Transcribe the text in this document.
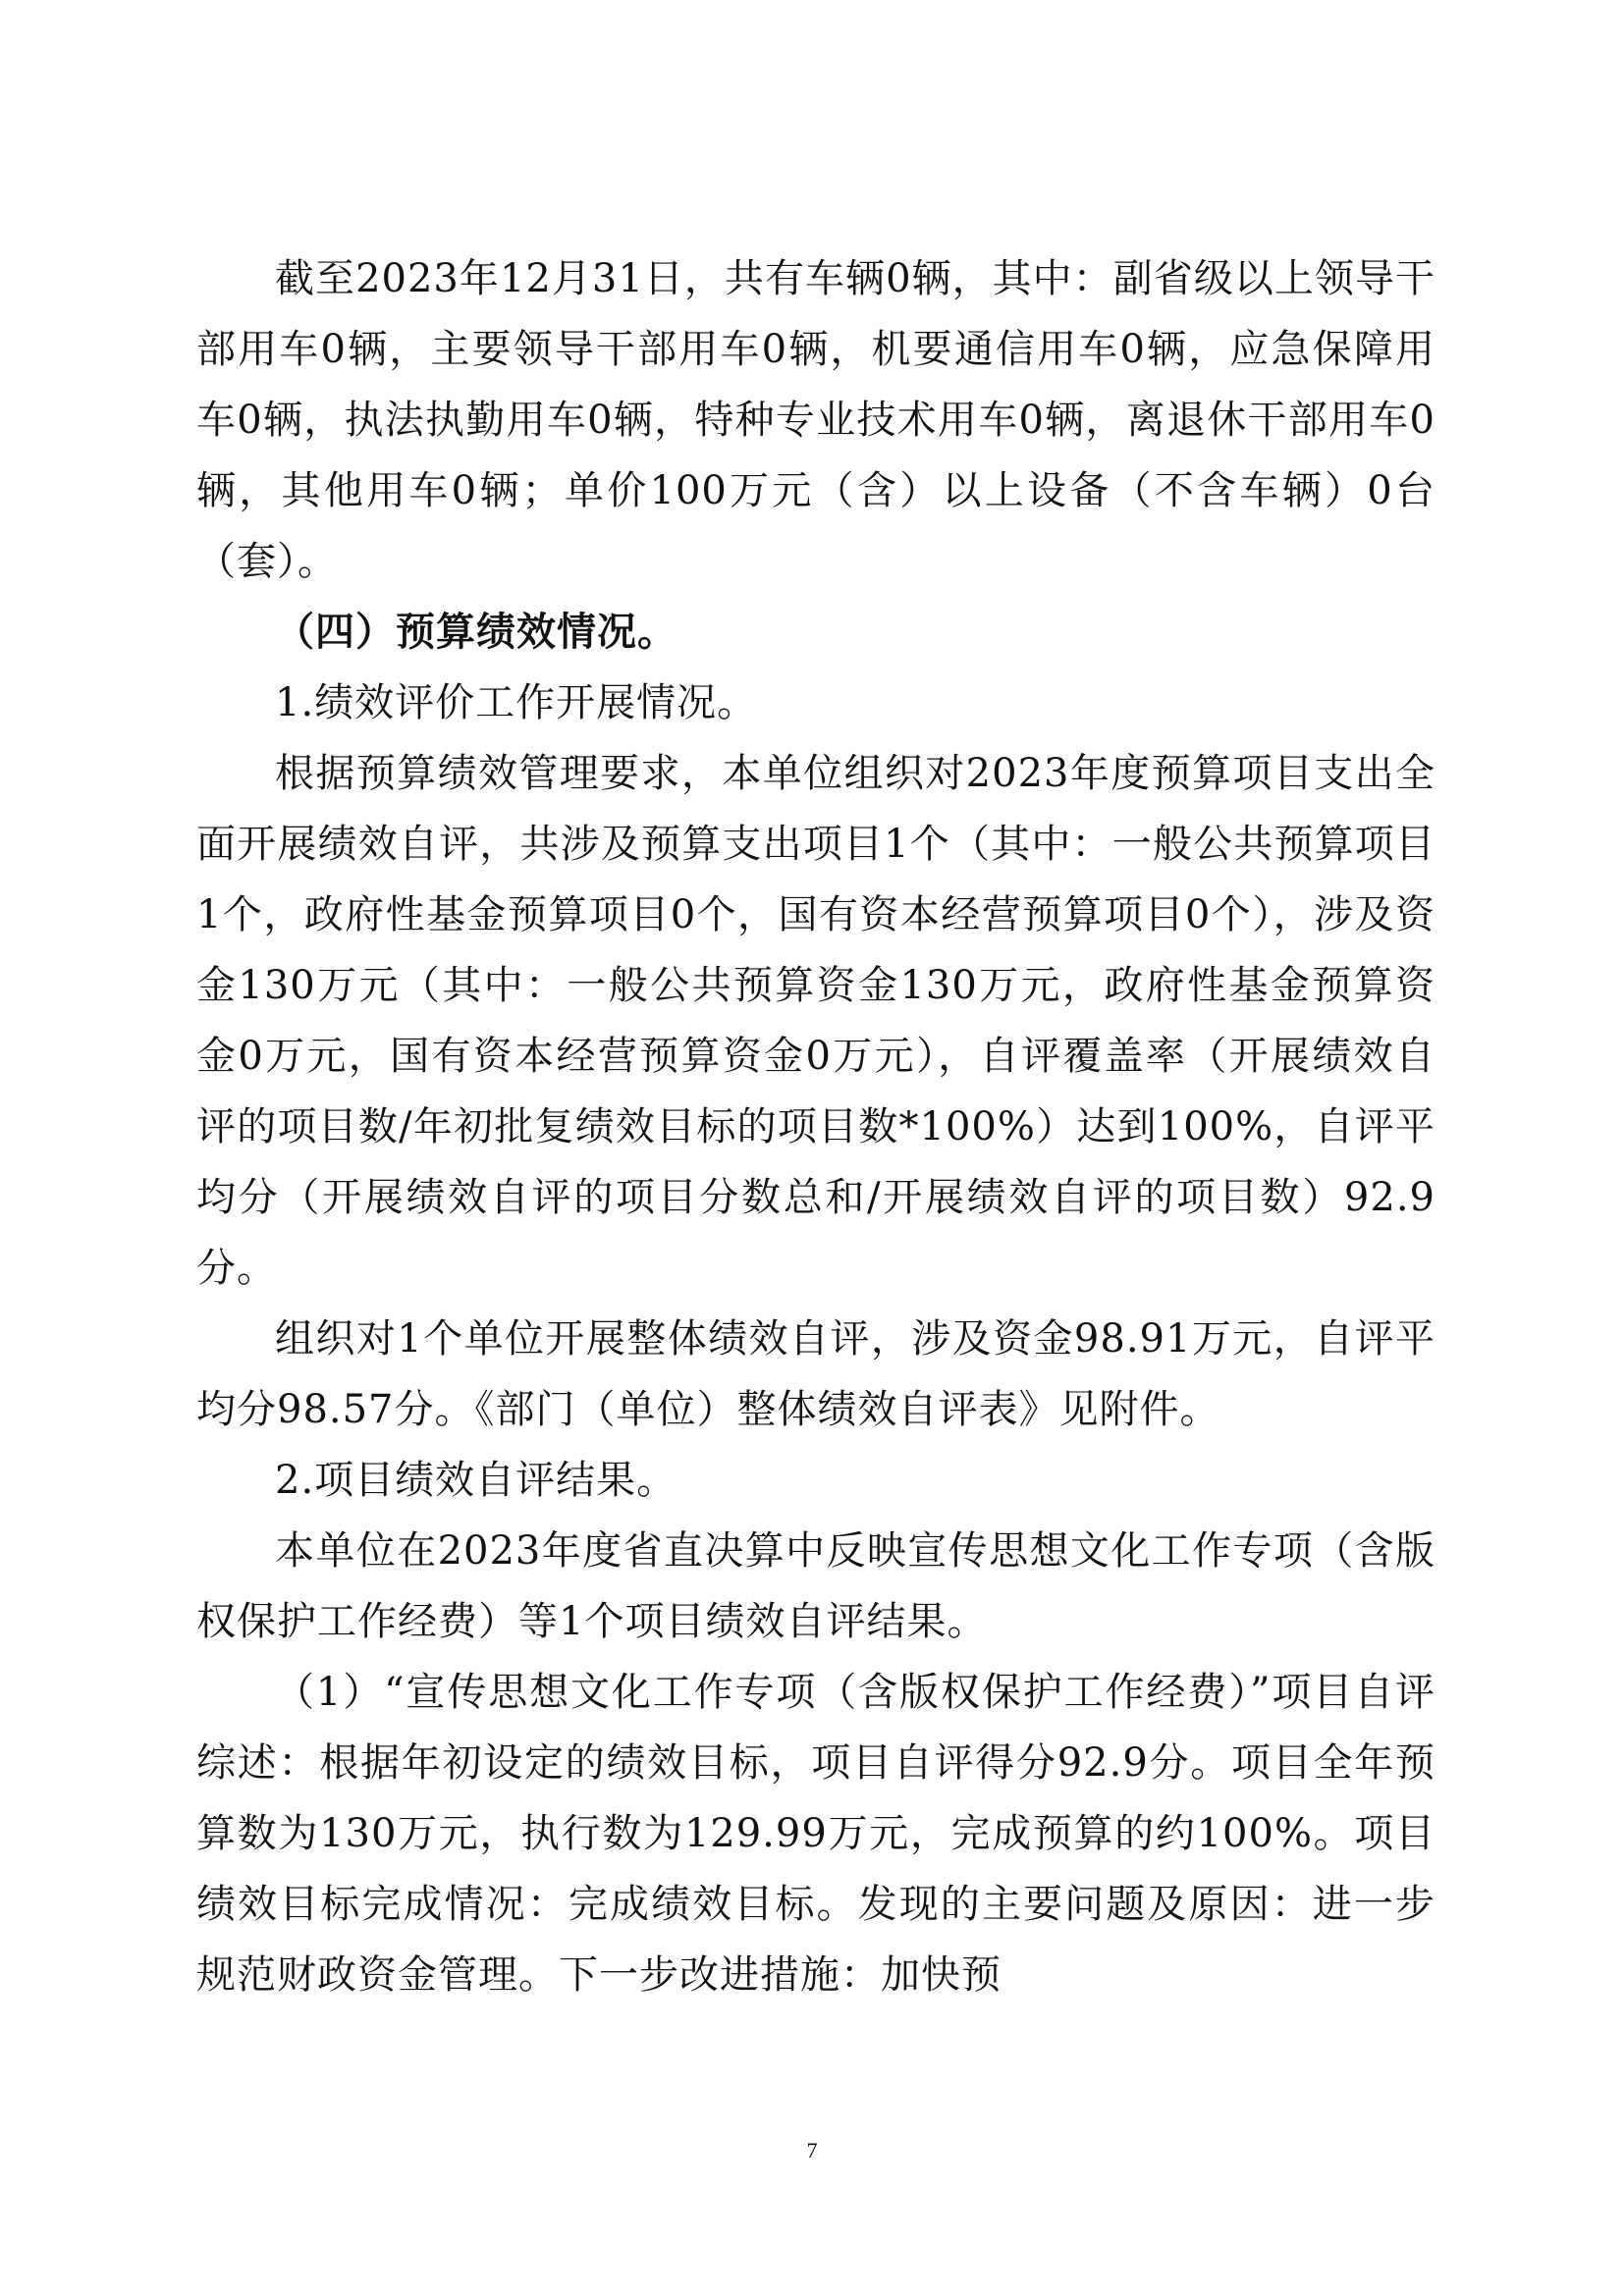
截至2023年12月31日，共有车辆0辆，其中：副省级以上领导干部用车0辆，主要领导干部用车0辆，机要通信用车0辆，应急保障用车0辆，执法执勤用车0辆，特种专业技术用车0辆，离退休干部用车0辆，其他用车0辆；单价100万元（含）以上设备（不含车辆）0台（套）。

（四）预算绩效情况。

1.绩效评价工作开展情况。

根据预算绩效管理要求，本单位组织对2023年度预算项目支出全面开展绩效自评，共涉及预算支出项目1个（其中：一般公共预算项目1个，政府性基金预算项目0个，国有资本经营预算项目0个），涉及资金130万元（其中：一般公共预算资金130万元，政府性基金预算资金0万元，国有资本经营预算资金0万元），自评覆盖率（开展绩效自评的项目数/年初批复绩效目标的项目数*100%）达到100%，自评平均分（开展绩效自评的项目分数总和/开展绩效自评的项目数）92.9分。

组织对1个单位开展整体绩效自评，涉及资金98.91万元，自评平均分98.57分。《部门（单位）整体绩效自评表》见附件。

2.项目绩效自评结果。

本单位在2023年度省直决算中反映宣传思想文化工作专项（含版权保护工作经费）等1个项目绩效自评结果。

（1）“宣传思想文化工作专项（含版权保护工作经费）”项目自评综述：根据年初设定的绩效目标，项目自评得分92.9分。项目全年预算数为130万元，执行数为129.99万元，完成预算的约100%。项目绩效目标完成情况：完成绩效目标。发现的主要问题及原因：进一步规范财政资金管理。下一步改进措施：加快预

7
